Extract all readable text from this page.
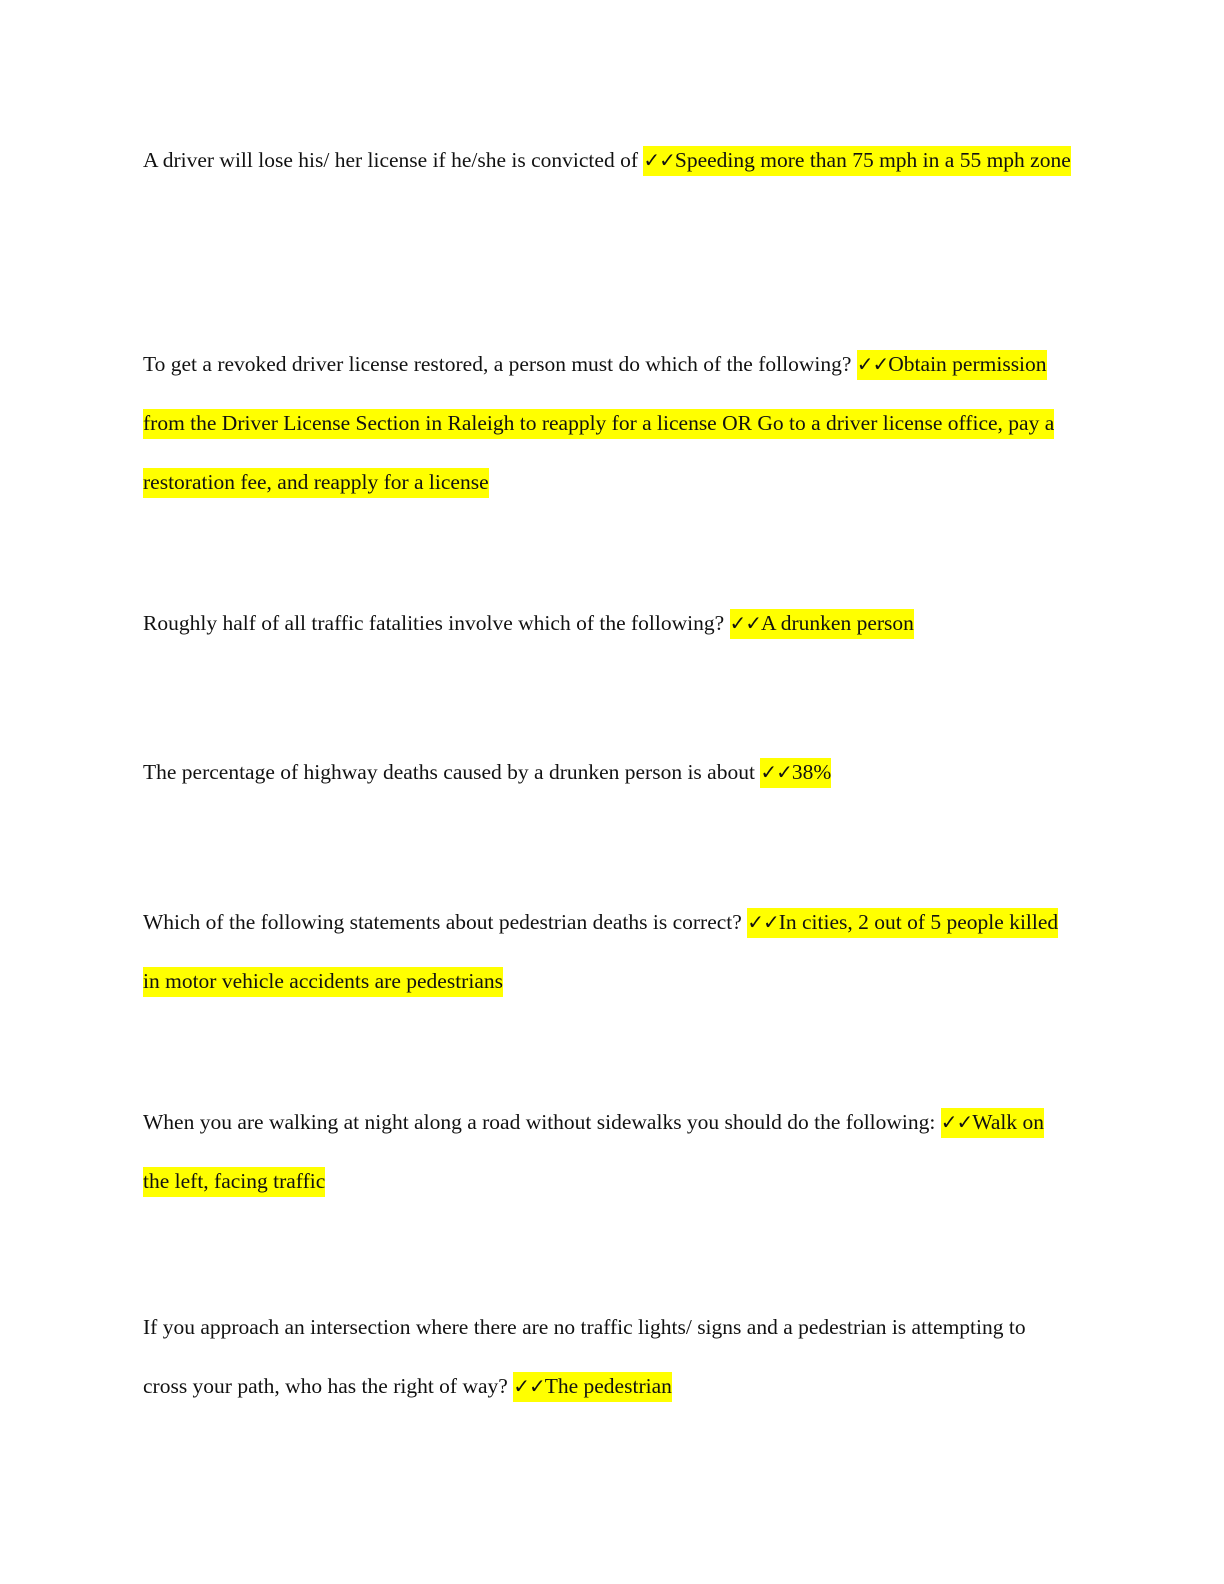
A driver will lose his/ her license if he/she is convicted of ✓✓Speeding more than 75 mph in a 55 mph zone

To get a revoked driver license restored, a person must do which of the following? ✓✓Obtain permission from the Driver License Section in Raleigh to reapply for a license OR Go to a driver license office, pay a restoration fee, and reapply for a license

Roughly half of all traffic fatalities involve which of the following? ✓✓A drunken person

The percentage of highway deaths caused by a drunken person is about ✓✓38%

Which of the following statements about pedestrian deaths is correct? ✓✓In cities, 2 out of 5 people killed in motor vehicle accidents are pedestrians

When you are walking at night along a road without sidewalks you should do the following: ✓✓Walk on the left, facing traffic

If you approach an intersection where there are no traffic lights/ signs and a pedestrian is attempting to cross your path, who has the right of way? ✓✓The pedestrian
